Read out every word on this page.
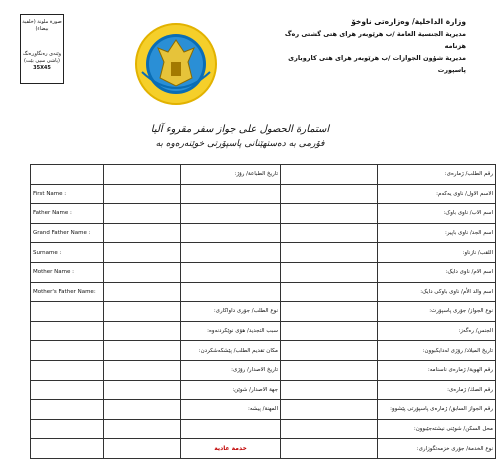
وزارة الداخلية/ وەزارەتی ناوخۆ
مديرية الجنسية العامة /ب هرێوبەر هرای هتی گشتی رەگ هزنامە
مديرية شؤون الجوازات /ب هرێوبەر هرای هتی کاروباری پاسپورت
صورة ملونة (خلفية بيضاء)
وێنەی رەنگاوڕەنگ (پاشی سپی بێت)
35X45
استمارة الحصول على جواز سفر مقروء آليا
فۆرمی بە دەستهێنانی پاسپۆرتی خوێنەرەوە بە
		تاريخ الطباعة/ رۆژ:		رقم الطلب/ ژمارەی:
First Name :				الاسم الاول/ ناوی یەکەم:
Father Name :				اسم الاب/ ناوی باوک:
Grand Father Name :				اسم الجد/ ناوی باپیر:
Surname :				اللقب/ نازناو:
Mother Name :				اسم الام/ ناوی دایک:
Mother's Father Name:				اسم والد الأم/ ناوی باوکی دایک:
		نوع الطلب/ جۆری داواکاری:		نوع الجواز/ جۆری پاسپۆرت:
		سبب التجديد/ هۆی نوێکردنەوە:		الجنس/ رەگەز:
		مكان تقديم الطلب/ پێشکەشکردن:		تاريخ الميلاد/ رۆژی لەدایکبوون:
		تاريخ الاصدار/ رۆژی:		رقم الهوية/ ژمارەی ناسنامە:
		جهة الاصدار/ شوێن:		رقم الصك/ ژمارەی:
		المهنة/ پیشە:		رقم الجواز السابق/ ژمارەی پاسپۆرتی پێشوو:
				محل السكن/ شوێنی نیشتەجێبوون:
		خدمة عادية		نوع الخدمة/ جۆری خزمەتگوزاری:
